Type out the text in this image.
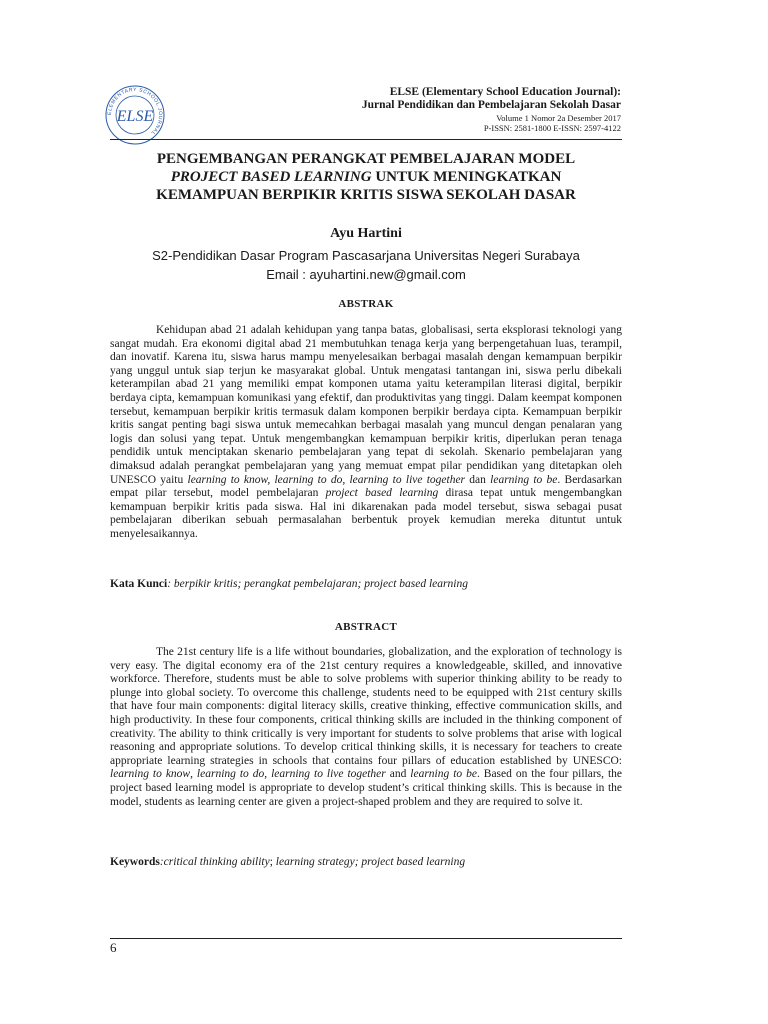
ELEMENTARY SCHOOL JOURNAL
ELSE
ELSE (Elementary School Education Journal):
Jurnal Pendidikan dan Pembelajaran Sekolah Dasar
Volume 1 Nomor 2a Desember 2017
P-ISSN: 2581-1800 E-ISSN: 2597-4122
PENGEMBANGAN PERANGKAT PEMBELAJARAN MODEL
PROJECT BASED LEARNING UNTUK MENINGKATKAN
KEMAMPUAN BERPIKIR KRITIS SISWA SEKOLAH DASAR
Ayu Hartini
S2-Pendidikan Dasar Program Pascasarjana Universitas Negeri Surabaya
Email : ayuhartini.new@gmail.com
ABSTRAK
Kehidupan abad 21 adalah kehidupan yang tanpa batas, globalisasi, serta eksplorasi teknologi yang sangat mudah. Era ekonomi digital abad 21 membutuhkan tenaga kerja yang berpengetahuan luas, terampil, dan inovatif. Karena itu, siswa harus mampu menyelesaikan berbagai masalah dengan kemampuan berpikir yang unggul untuk siap terjun ke masyarakat global. Untuk mengatasi tantangan ini, siswa perlu dibekali keterampilan abad 21 yang memiliki empat komponen utama yaitu keterampilan literasi digital, berpikir berdaya cipta, kemampuan komunikasi yang efektif, dan produktivitas yang tinggi. Dalam keempat komponen tersebut, kemampuan berpikir kritis termasuk dalam komponen berpikir berdaya cipta. Kemampuan berpikir kritis sangat penting bagi siswa untuk memecahkan berbagai masalah yang muncul dengan penalaran yang logis dan solusi yang tepat. Untuk mengembangkan kemampuan berpikir kritis, diperlukan peran tenaga pendidik untuk menciptakan skenario pembelajaran yang tepat di sekolah. Skenario pembelajaran yang dimaksud adalah perangkat pembelajaran yang yang memuat empat pilar pendidikan yang ditetapkan oleh UNESCO yaitu learning to know, learning to do, learning to live together dan learning to be. Berdasarkan empat pilar tersebut, model pembelajaran project based learning dirasa tepat untuk mengembangkan kemampuan berpikir kritis pada siswa. Hal ini dikarenakan pada model tersebut, siswa sebagai pusat pembelajaran diberikan sebuah permasalahan berbentuk proyek kemudian mereka dituntut untuk menyelesaikannya.
Kata Kunci: berpikir kritis; perangkat pembelajaran; project based learning
ABSTRACT
The 21st century life is a life without boundaries, globalization, and the exploration of technology is very easy. The digital economy era of the 21st century requires a knowledgeable, skilled, and innovative workforce. Therefore, students must be able to solve problems with superior thinking ability to be ready to plunge into global society. To overcome this challenge, students need to be equipped with 21st century skills that have four main components: digital literacy skills, creative thinking, effective communication skills, and high productivity. In these four components, critical thinking skills are included in the thinking component of creativity. The ability to think critically is very important for students to solve problems that arise with logical reasoning and appropriate solutions. To develop critical thinking skills, it is necessary for teachers to create appropriate learning strategies in schools that contains four pillars of education established by UNESCO: learning to know, learning to do, learning to live together and learning to be. Based on the four pillars, the project based learning model is appropriate to develop student’s critical thinking skills. This is because in the model, students as learning center are given a project-shaped problem and they are required to solve it.
Keywords:critical thinking ability; learning strategy; project based learning
6
